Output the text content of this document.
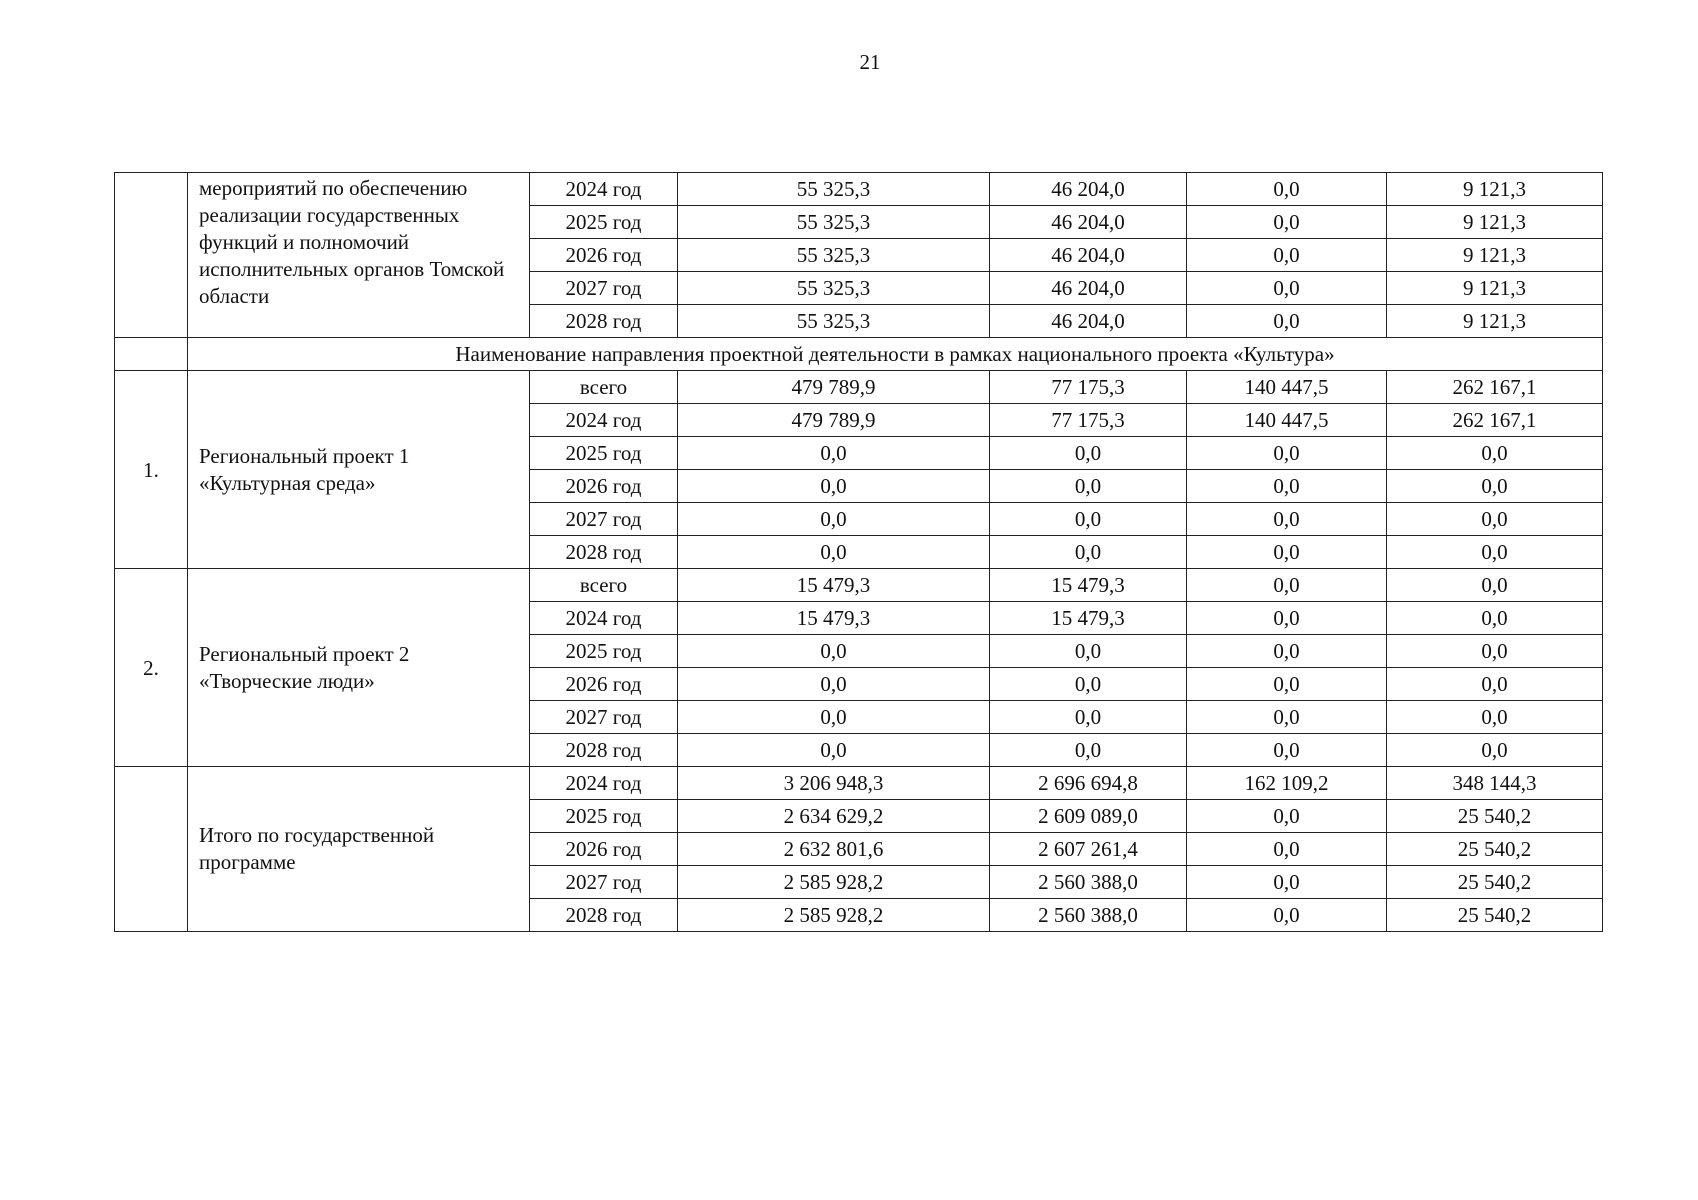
21
	мероприятий по обеспечению реализации государственных функций и полномочий исполнительных органов Томской области	2024 год	55 325,3	46 204,0	0,0	9 121,3
		2025 год	55 325,3	46 204,0	0,0	9 121,3
		2026 год	55 325,3	46 204,0	0,0	9 121,3
		2027 год	55 325,3	46 204,0	0,0	9 121,3
		2028 год	55 325,3	46 204,0	0,0	9 121,3
	Наименование направления проектной деятельности в рамках национального проекта «Культура»					
1.	Региональный проект 1 «Культурная среда»	всего	479 789,9	77 175,3	140 447,5	262 167,1
		2024 год	479 789,9	77 175,3	140 447,5	262 167,1
		2025 год	0,0	0,0	0,0	0,0
		2026 год	0,0	0,0	0,0	0,0
		2027 год	0,0	0,0	0,0	0,0
		2028 год	0,0	0,0	0,0	0,0
2.	Региональный проект 2 «Творческие люди»	всего	15 479,3	15 479,3	0,0	0,0
		2024 год	15 479,3	15 479,3	0,0	0,0
		2025 год	0,0	0,0	0,0	0,0
		2026 год	0,0	0,0	0,0	0,0
		2027 год	0,0	0,0	0,0	0,0
		2028 год	0,0	0,0	0,0	0,0
	Итого по государственной программе	2024 год	3 206 948,3	2 696 694,8	162 109,2	348 144,3
		2025 год	2 634 629,2	2 609 089,0	0,0	25 540,2
		2026 год	2 632 801,6	2 607 261,4	0,0	25 540,2
		2027 год	2 585 928,2	2 560 388,0	0,0	25 540,2
		2028 год	2 585 928,2	2 560 388,0	0,0	25 540,2
